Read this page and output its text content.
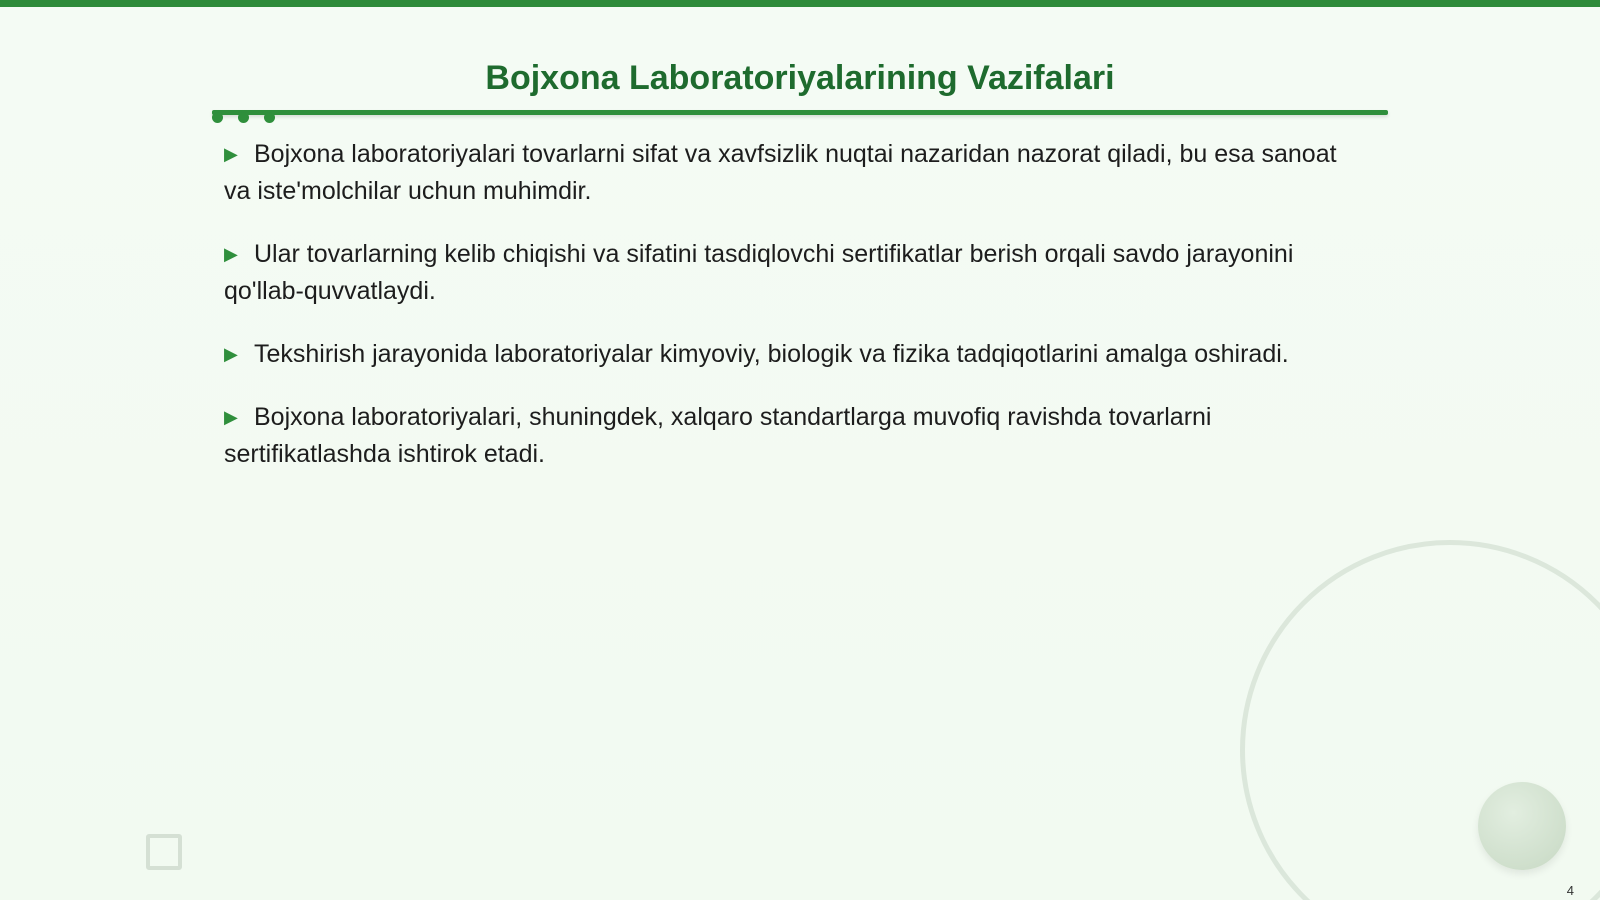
Bojxona Laboratoriyalarining Vazifalari
▶ Bojxona laboratoriyalari tovarlarni sifat va xavfsizlik nuqtai nazaridan nazorat qiladi, bu esa sanoat va iste'molchilar uchun muhimdir.
▶ Ular tovarlarning kelib chiqishi va sifatini tasdiqlovchi sertifikatlar berish orqali savdo jarayonini qo'llab-quvvatlaydi.
▶ Tekshirish jarayonida laboratoriyalar kimyoviy, biologik va fizika tadqiqotlarini amalga oshiradi.
▶ Bojxona laboratoriyalari, shuningdek, xalqaro standartlarga muvofiq ravishda tovarlarni sertifikatlashda ishtirok etadi.
4
